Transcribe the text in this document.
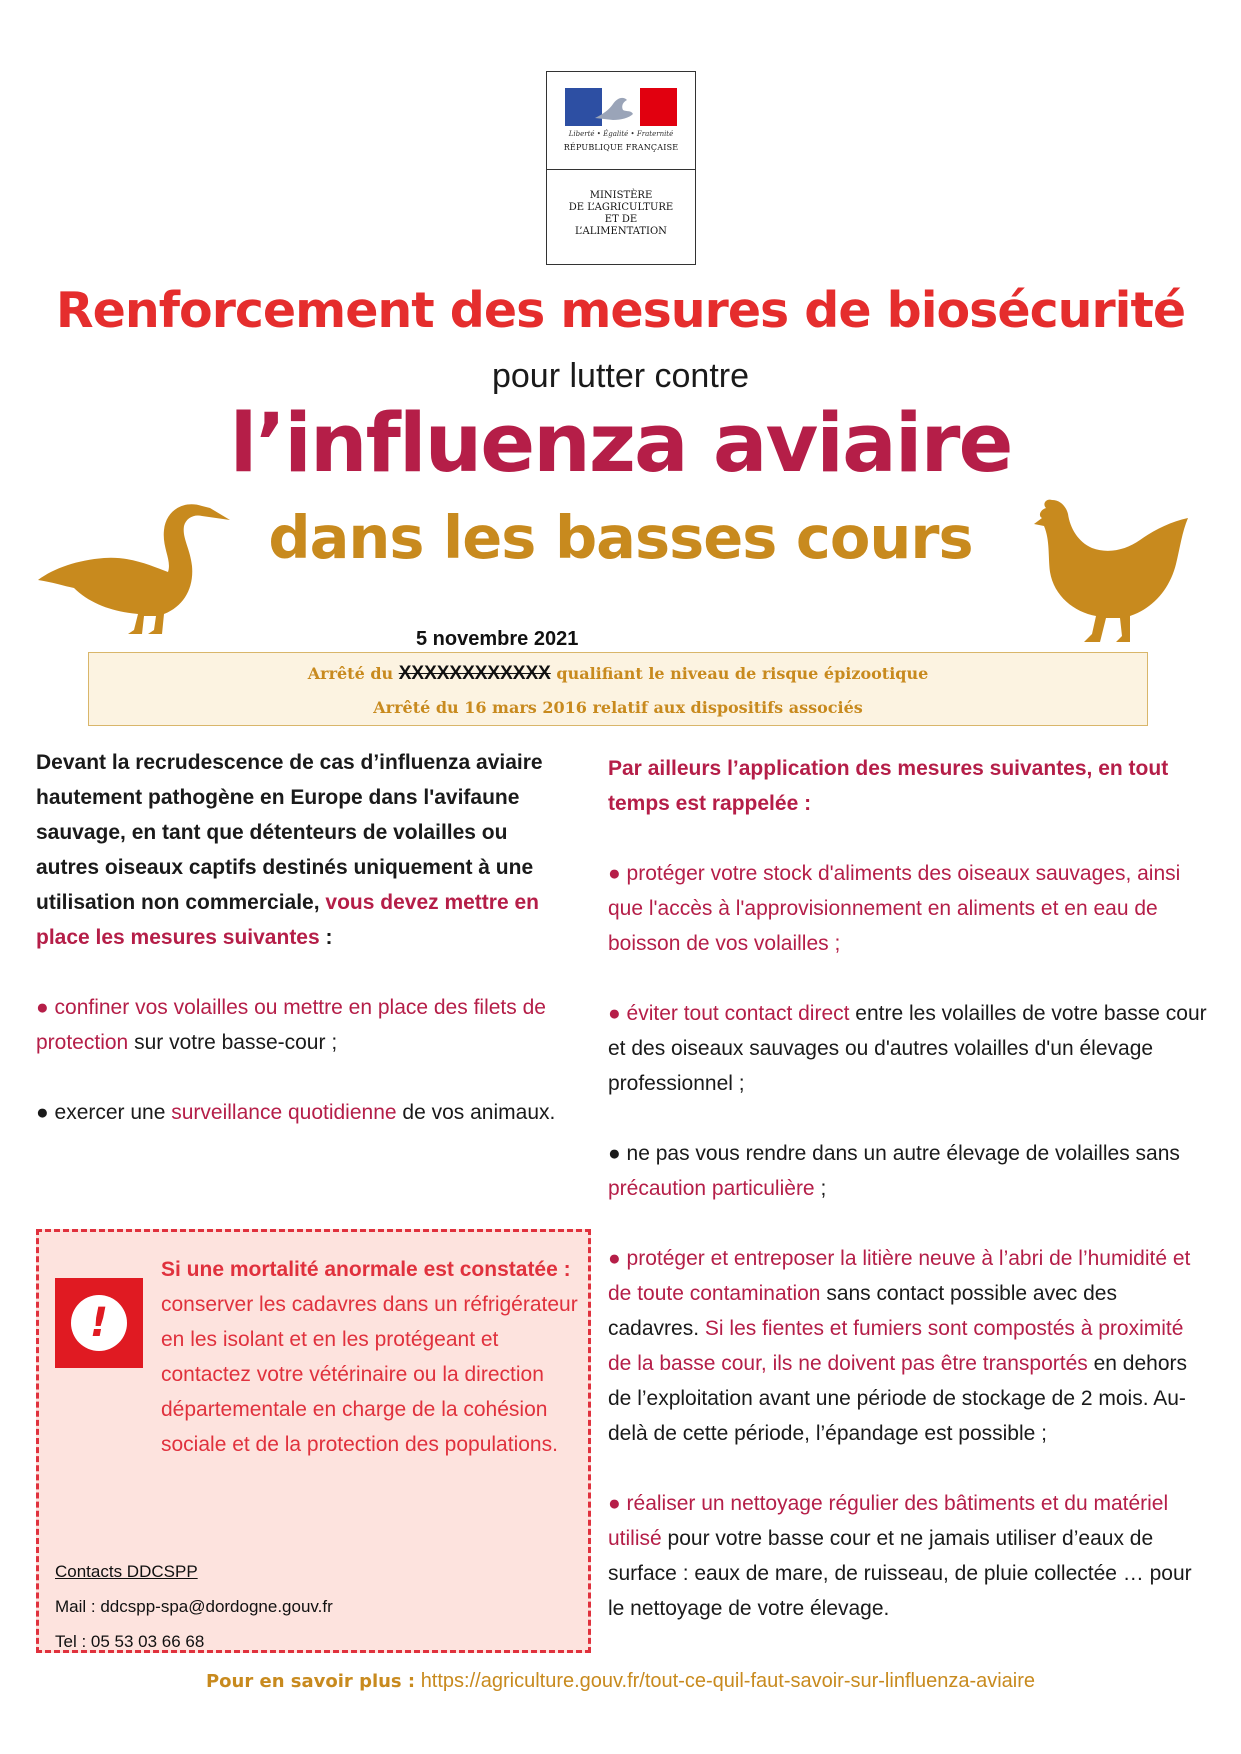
Liberté • Égalité • Fraternité
RÉPUBLIQUE FRANÇAISE
MINISTÈRE
DE L’AGRICULTURE
ET DE
L’ALIMENTATION
Renforcement des mesures de biosécurité
pour lutter contre
l’influenza aviaire
dans les basses cours
5 novembre 2021
Arrêté du XXXXXXXXXXXX qualifiant le niveau de risque épizootique
Arrêté du 16 mars 2016 relatif aux dispositifs associés

Devant la recrudescence de cas d’influenza aviaire hautement pathogène en Europe dans l'avifaune sauvage, en tant que détenteurs de volailles ou autres oiseaux captifs destinés uniquement à une utilisation non commerciale, vous devez mettre en place les mesures suivantes :

● confiner vos volailles ou mettre en place des filets de protection sur votre basse-cour ;

● exercer une surveillance quotidienne de vos animaux.

!
Si une mortalité anormale est constatée : conserver les cadavres dans un réfrigérateur en les isolant et en les protégeant et contactez votre vétérinaire ou la direction départementale en charge de la cohésion sociale et de la protection des populations.
Contacts DDCSPP
Mail : ddcspp-spa@dordogne.gouv.fr
Tel : 05 53 03 66 68

Par ailleurs l’application des mesures suivantes, en tout temps est rappelée :

● protéger votre stock d'aliments des oiseaux sauvages, ainsi que l'accès à l'approvisionnement en aliments et en eau de boisson de vos volailles ;

● éviter tout contact direct entre les volailles de votre basse cour et des oiseaux sauvages ou d'autres volailles d'un élevage professionnel ;

● ne pas vous rendre dans un autre élevage de volailles sans précaution particulière ;

● protéger et entreposer la litière neuve à l’abri de l’humidité et de toute contamination sans contact possible avec des cadavres. Si les fientes et fumiers sont compostés à proximité de la basse cour, ils ne doivent pas être transportés en dehors de l’exploitation avant une période de stockage de 2 mois. Au-delà de cette période, l’épandage est possible ;

● réaliser un nettoyage régulier des bâtiments et du matériel utilisé pour votre basse cour et ne jamais utiliser d’eaux de surface : eaux de mare, de ruisseau, de pluie collectée … pour le nettoyage de votre élevage.

Pour en savoir plus : https://agriculture.gouv.fr/tout-ce-quil-faut-savoir-sur-linfluenza-aviaire
